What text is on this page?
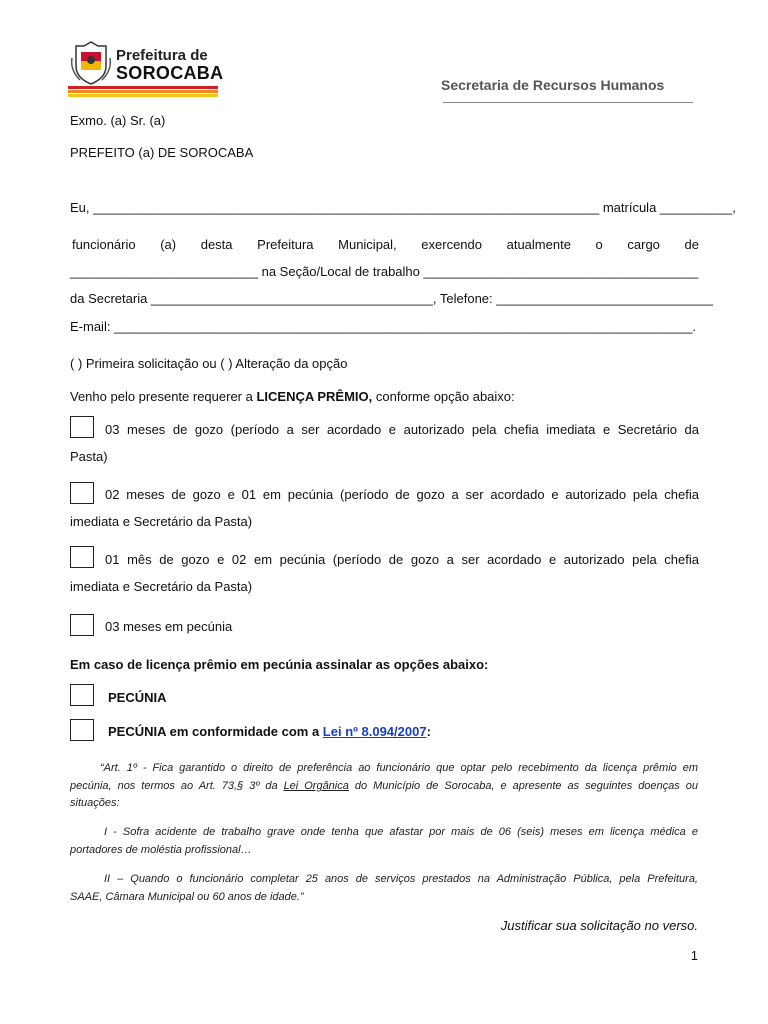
Prefeitura de
SOROCABA
Secretaria de Recursos Humanos
Exmo. (a) Sr. (a)
PREFEITO (a) DE SOROCABA
Eu, ______________________________________________________________________ matrícula __________,
funcionário (a) desta Prefeitura Municipal, exercendo atualmente o cargo de
__________________________ na Seção/Local de trabalho ______________________________________
da Secretaria _______________________________________, Telefone: ______________________________
E-mail: ________________________________________________________________________________.
( ) Primeira solicitação ou ( ) Alteração da opção
Venho pelo presente requerer a LICENÇA PRÊMIO, conforme opção abaixo:
03 meses de gozo (período a ser acordado e autorizado pela chefia imediata e Secretário da
Pasta)
02 meses de gozo e 01 em pecúnia (período de gozo a ser acordado e autorizado pela chefia
imediata e Secretário da Pasta)
01 mês de gozo e 02 em pecúnia (período de gozo a ser acordado e autorizado pela chefia
imediata e Secretário da Pasta)
03 meses em pecúnia
Em caso de licença prêmio em pecúnia assinalar as opções abaixo:
PECÚNIA
PECÚNIA em conformidade com a Lei nº 8.094/2007:
“Art. 1º - Fica garantido o direito de preferência ao funcionário que optar pelo recebimento da licença prêmio em
pecúnia, nos termos ao Art. 73,§ 3º da Lei Orgânica do Município de Sorocaba, e apresente as seguintes doenças ou
situações:
I - Sofra acidente de trabalho grave onde tenha que afastar por mais de 06 (seis) meses em licença médica e
portadores de moléstia profissional…
II – Quando o funcionário completar 25 anos de serviços prestados na Administração Pública, pela Prefeitura,
SAAE, Câmara Municipal ou 60 anos de idade.”
Justificar sua solicitação no verso.
1
